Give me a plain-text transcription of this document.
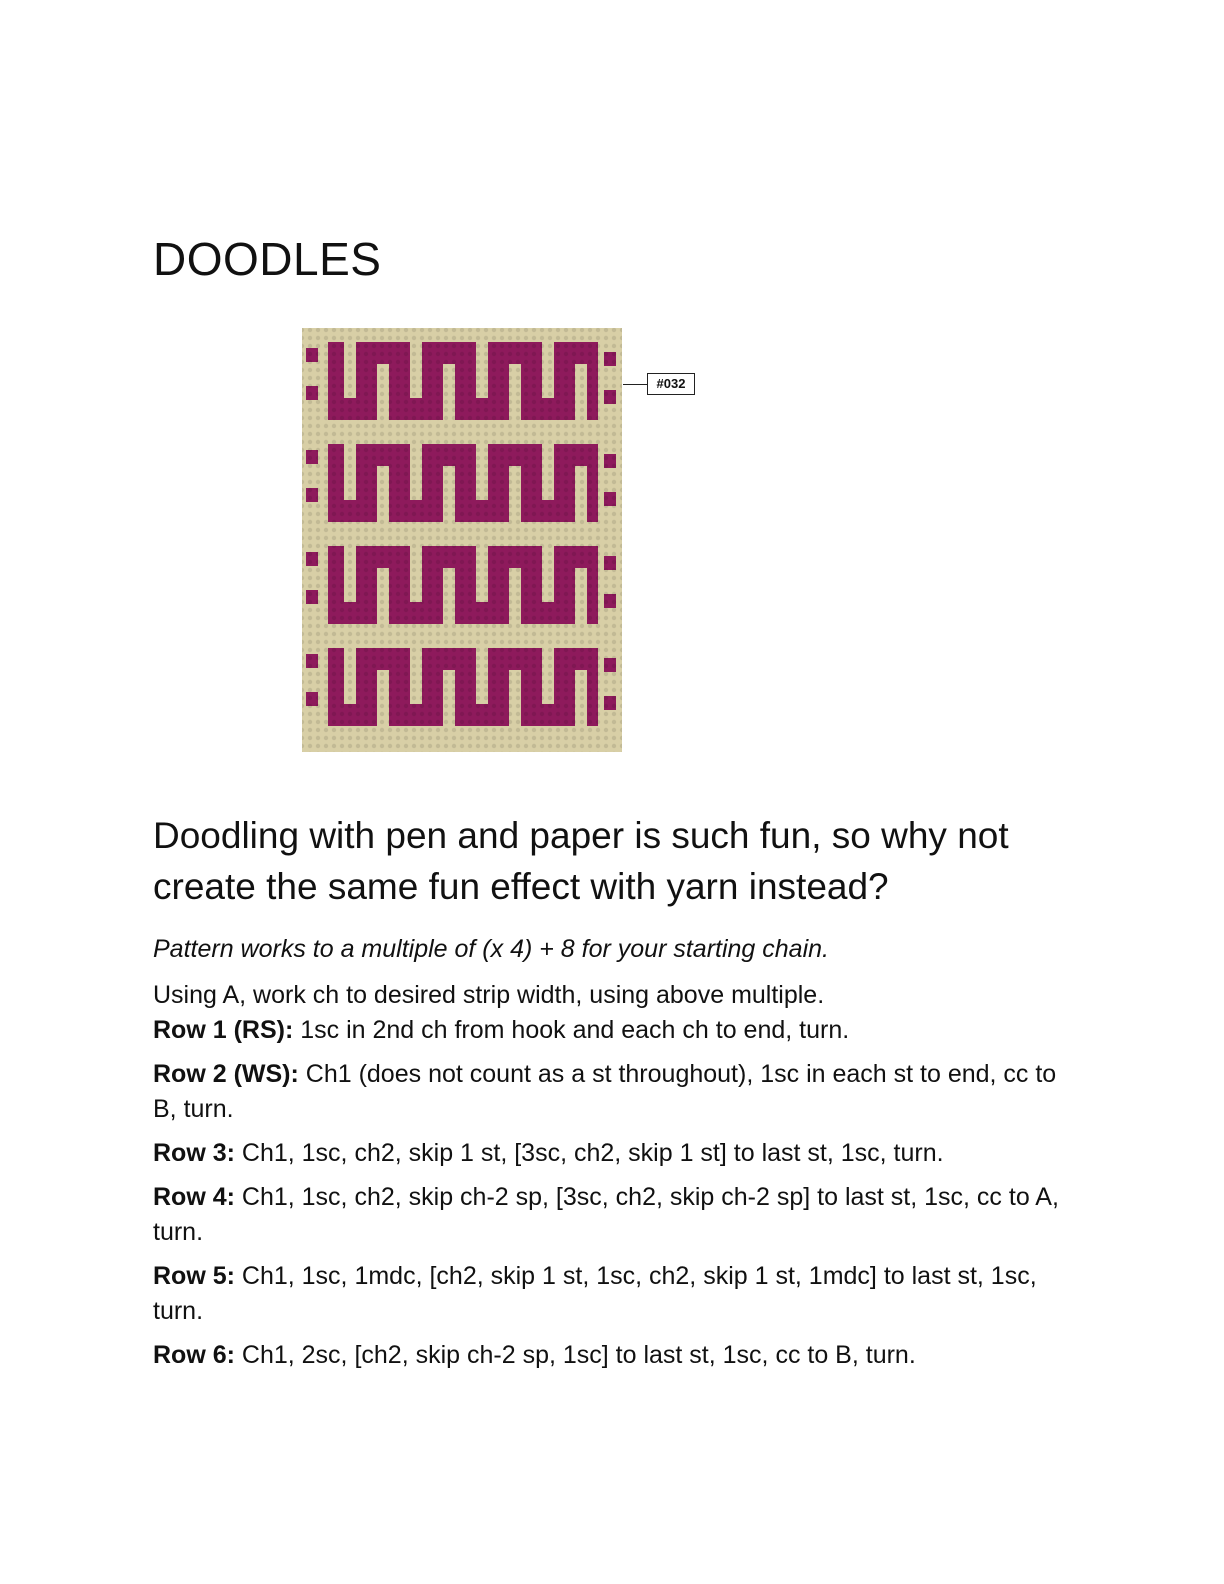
DOODLES
#032
Doodling with pen and paper is such fun, so why not create the same fun effect with yarn instead?

Pattern works to a multiple of (x 4) + 8 for your starting chain.

Using A, work ch to desired strip width, using above multiple.

Row 1 (RS): 1sc in 2nd ch from hook and each ch to end, turn.

Row 2 (WS): Ch1 (does not count as a st throughout), 1sc in each st to end, cc to B, turn.

Row 3: Ch1, 1sc, ch2, skip 1 st, [3sc, ch2, skip 1 st] to last st, 1sc, turn.

Row 4: Ch1, 1sc, ch2, skip ch-2 sp, [3sc, ch2, skip ch-2 sp] to last st, 1sc, cc to A, turn.

Row 5: Ch1, 1sc, 1mdc, [ch2, skip 1 st, 1sc, ch2, skip 1 st, 1mdc] to last st, 1sc, turn.

Row 6: Ch1, 2sc, [ch2, skip ch-2 sp, 1sc] to last st, 1sc, cc to B, turn.
